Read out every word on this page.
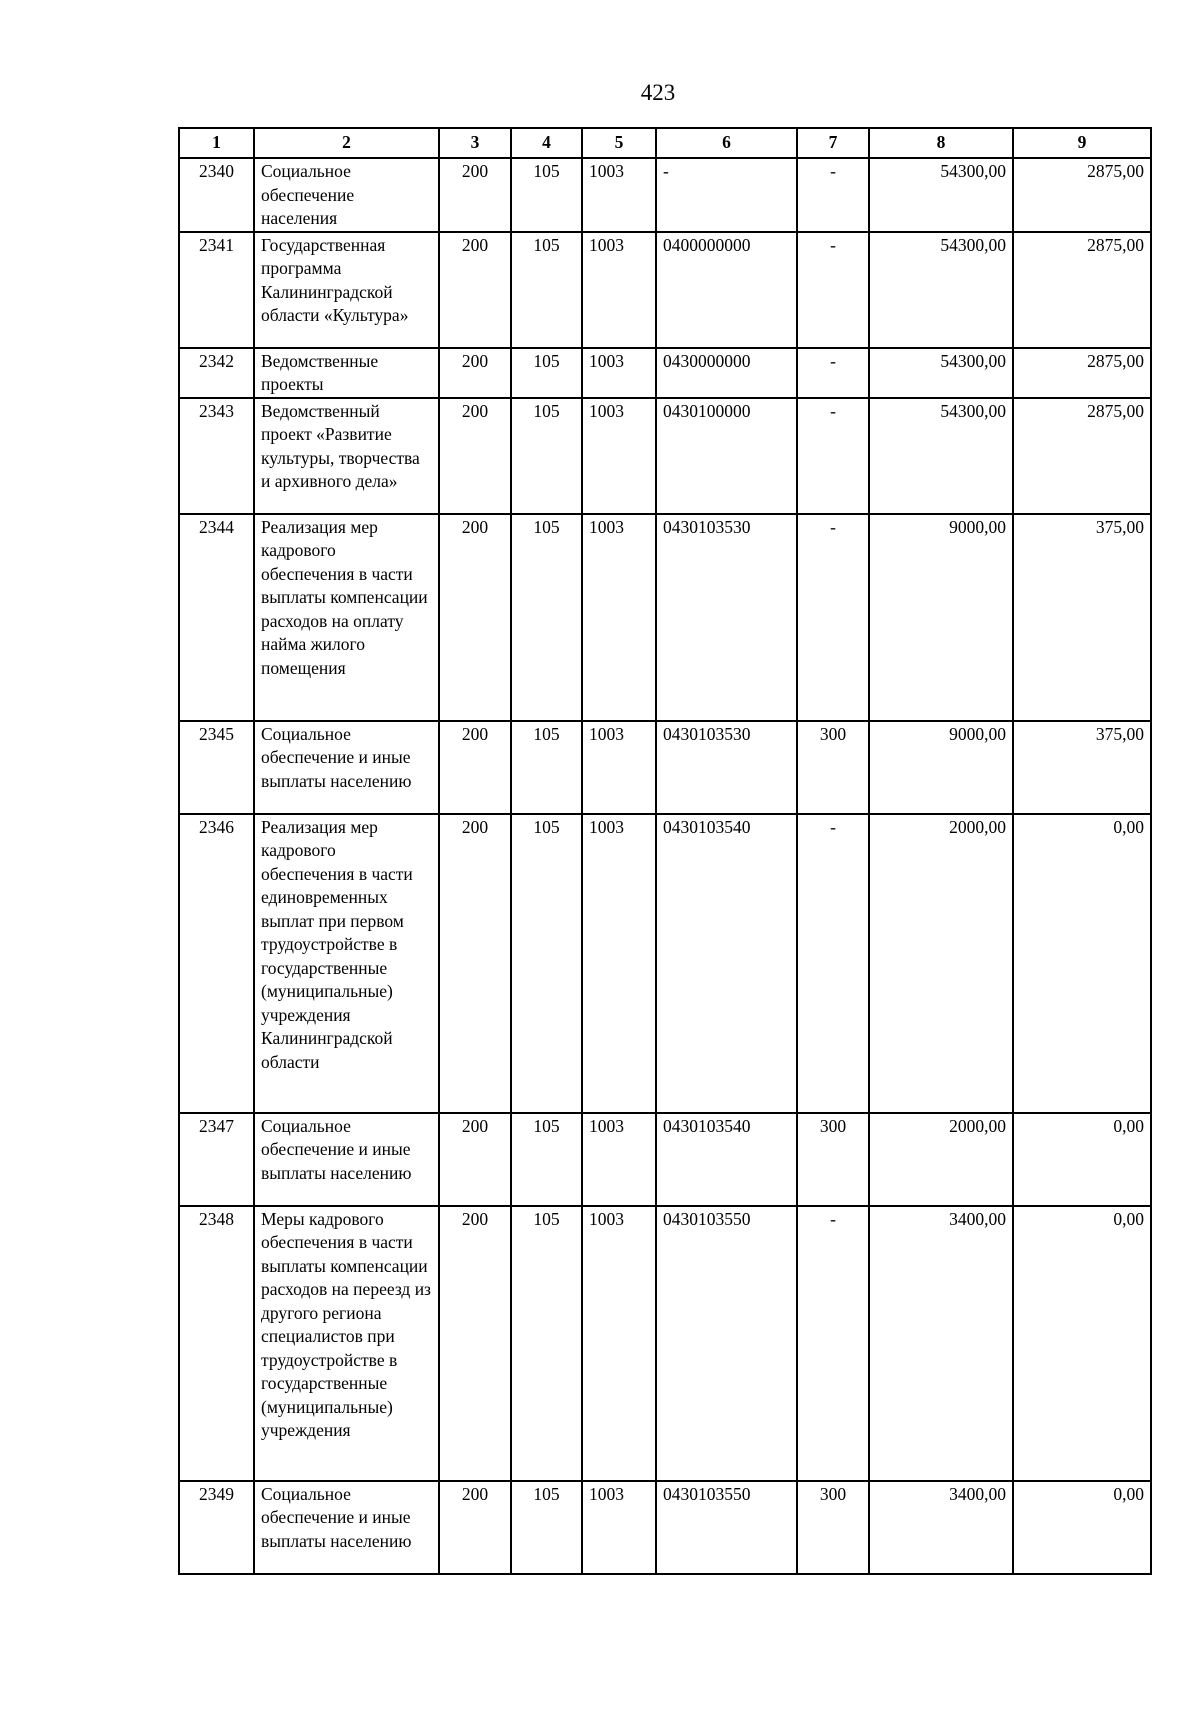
423
1	2	3	4	5	6	7	8	9
2340	Социальное обеспечение населения	200	105	1003	-	-	54300,00	2875,00
2341	Государственная программа Калининградской области «Культура»	200	105	1003	0400000000	-	54300,00	2875,00
2342	Ведомственные проекты	200	105	1003	0430000000	-	54300,00	2875,00
2343	Ведомственный проект «Развитие культуры, творчества и архивного дела»	200	105	1003	0430100000	-	54300,00	2875,00
2344	Реализация мер кадрового обеспечения в части выплаты компенсации расходов на оплату найма жилого помещения	200	105	1003	0430103530	-	9000,00	375,00
2345	Социальное обеспечение и иные выплаты населению	200	105	1003	0430103530	300	9000,00	375,00
2346	Реализация мер кадрового обеспечения в части единовременных выплат при первом трудоустройстве в государственные (муниципальные) учреждения Калининградской области	200	105	1003	0430103540	-	2000,00	0,00
2347	Социальное обеспечение и иные выплаты населению	200	105	1003	0430103540	300	2000,00	0,00
2348	Меры кадрового обеспечения в части выплаты компенсации расходов на переезд из другого региона специалистов при трудоустройстве в государственные (муниципальные) учреждения	200	105	1003	0430103550	-	3400,00	0,00
2349	Социальное обеспечение и иные выплаты населению	200	105	1003	0430103550	300	3400,00	0,00
